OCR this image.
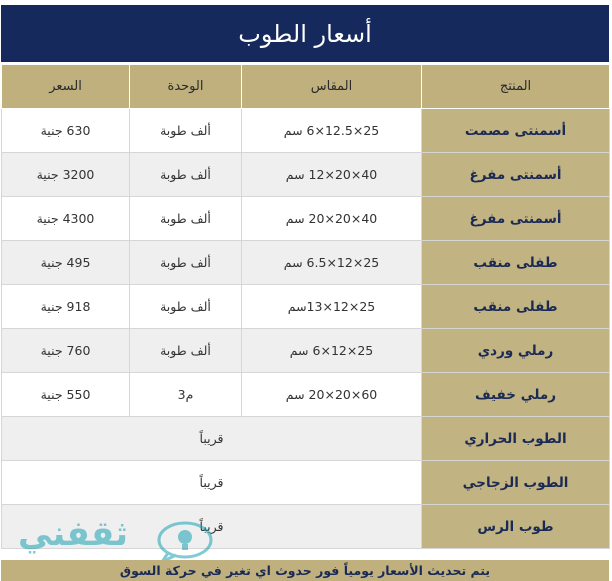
أسعار الطوب
المنتج	المقاس	الوحدة	السعر
أسمنتى مصمت	25×12.5×6 سم	ألف طوبة	630 جنية
أسمنتى مفرغ	40×20×12 سم	ألف طوبة	3200 جنية
أسمنتى مفرغ	40×20×20 سم	ألف طوبة	4300 جنية
طفلى منقب	25×12×6.5 سم	ألف طوبة	495 جنية
طفلى منقب	25×12×13سم	ألف طوبة	918 جنية
رملي وردي	25×12×6 سم	ألف طوبة	760 جنية
رملي خفيف	60×20×20 سم	م3	550 جنية
الطوب الحراري	قريباً		
الطوب الزجاجي	قريباً		
طوب الرس	قريباً		
ثقفني
يتم تحديث الأسعار يومياً فور حدوث اي تغير في حركة السوق
